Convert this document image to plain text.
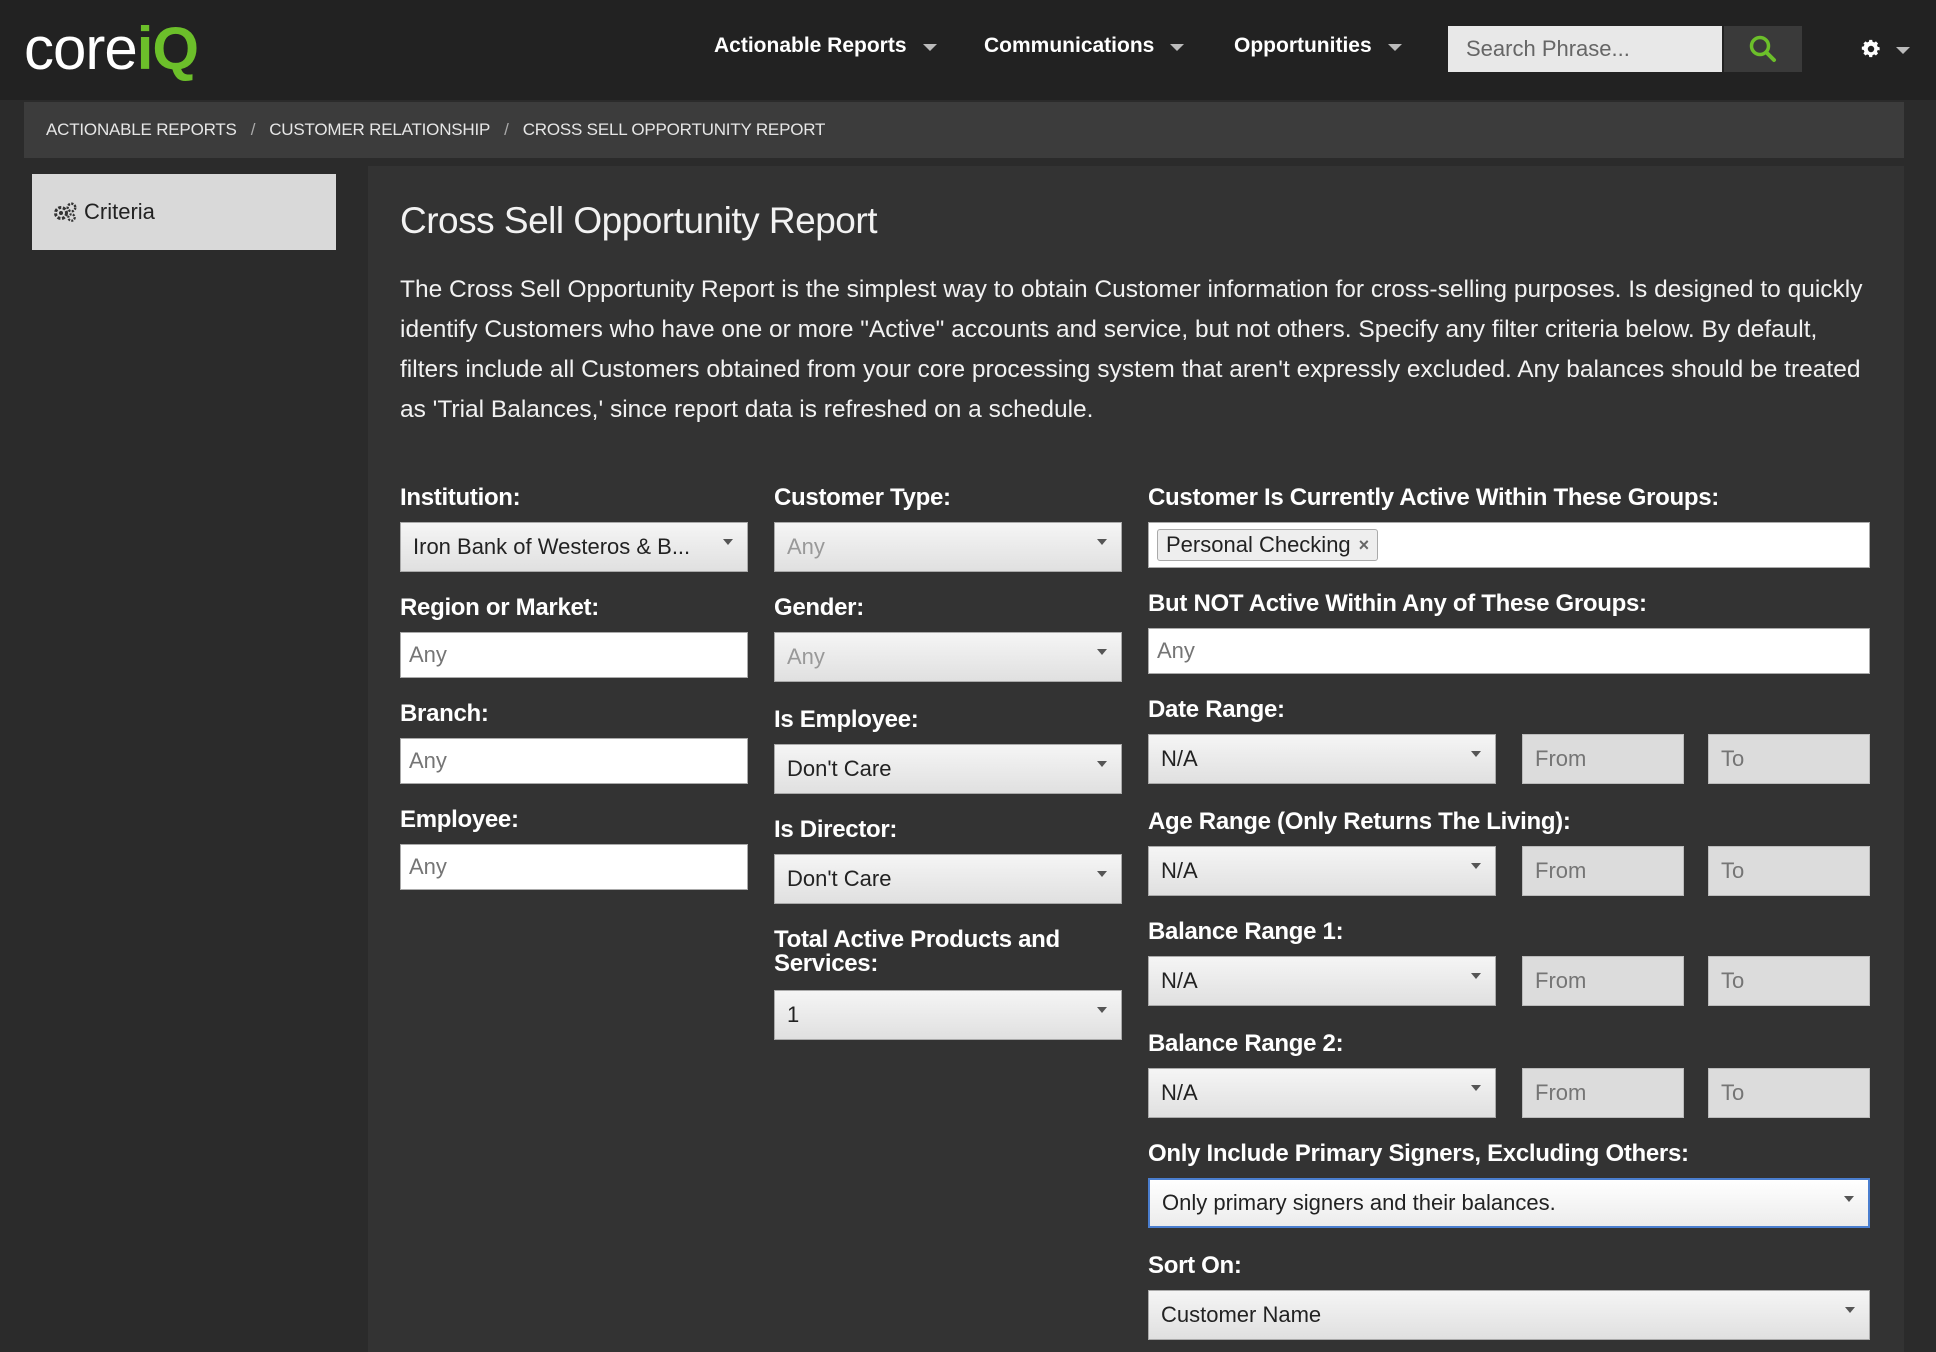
core iQ	Actionable Reports	Communications	Opportunities
Search Phrase...
ACTIONABLE REPORTS / CUSTOMER RELATIONSHIP / CROSS SELL OPPORTUNITY REPORT
Criteria	Cross Sell Opportunity Report

The Cross Sell Opportunity Report is the simplest way to obtain Customer information for cross-selling purposes. Is designed to quickly identify Customers who have one or more "Active" accounts and service, but not others. Specify any filter criteria below. By default, filters include all Customers obtained from your core processing system that aren't expressly excluded. Any balances should be treated as 'Trial Balances,' since report data is refreshed on a schedule.

Institution:
Iron Bank of Westeros & B...
Region or Market:
Any
Branch:
Any
Employee:
Any
Customer Type:
Any
Gender:
Any
Is Employee:
Don't Care
Is Director:
Don't Care
Total Active Products and
Services:
1
Customer Is Currently Active Within These Groups:
Personal Checking ×
But NOT Active Within Any of These Groups:
Any
Date Range:
N/A
From
To
Age Range (Only Returns The Living):
N/A
From
To
Balance Range 1:
N/A
From
To
Balance Range 2:
N/A
From
To
Only Include Primary Signers, Excluding Others:
Only primary signers and their balances.
Sort On:
Customer Name
